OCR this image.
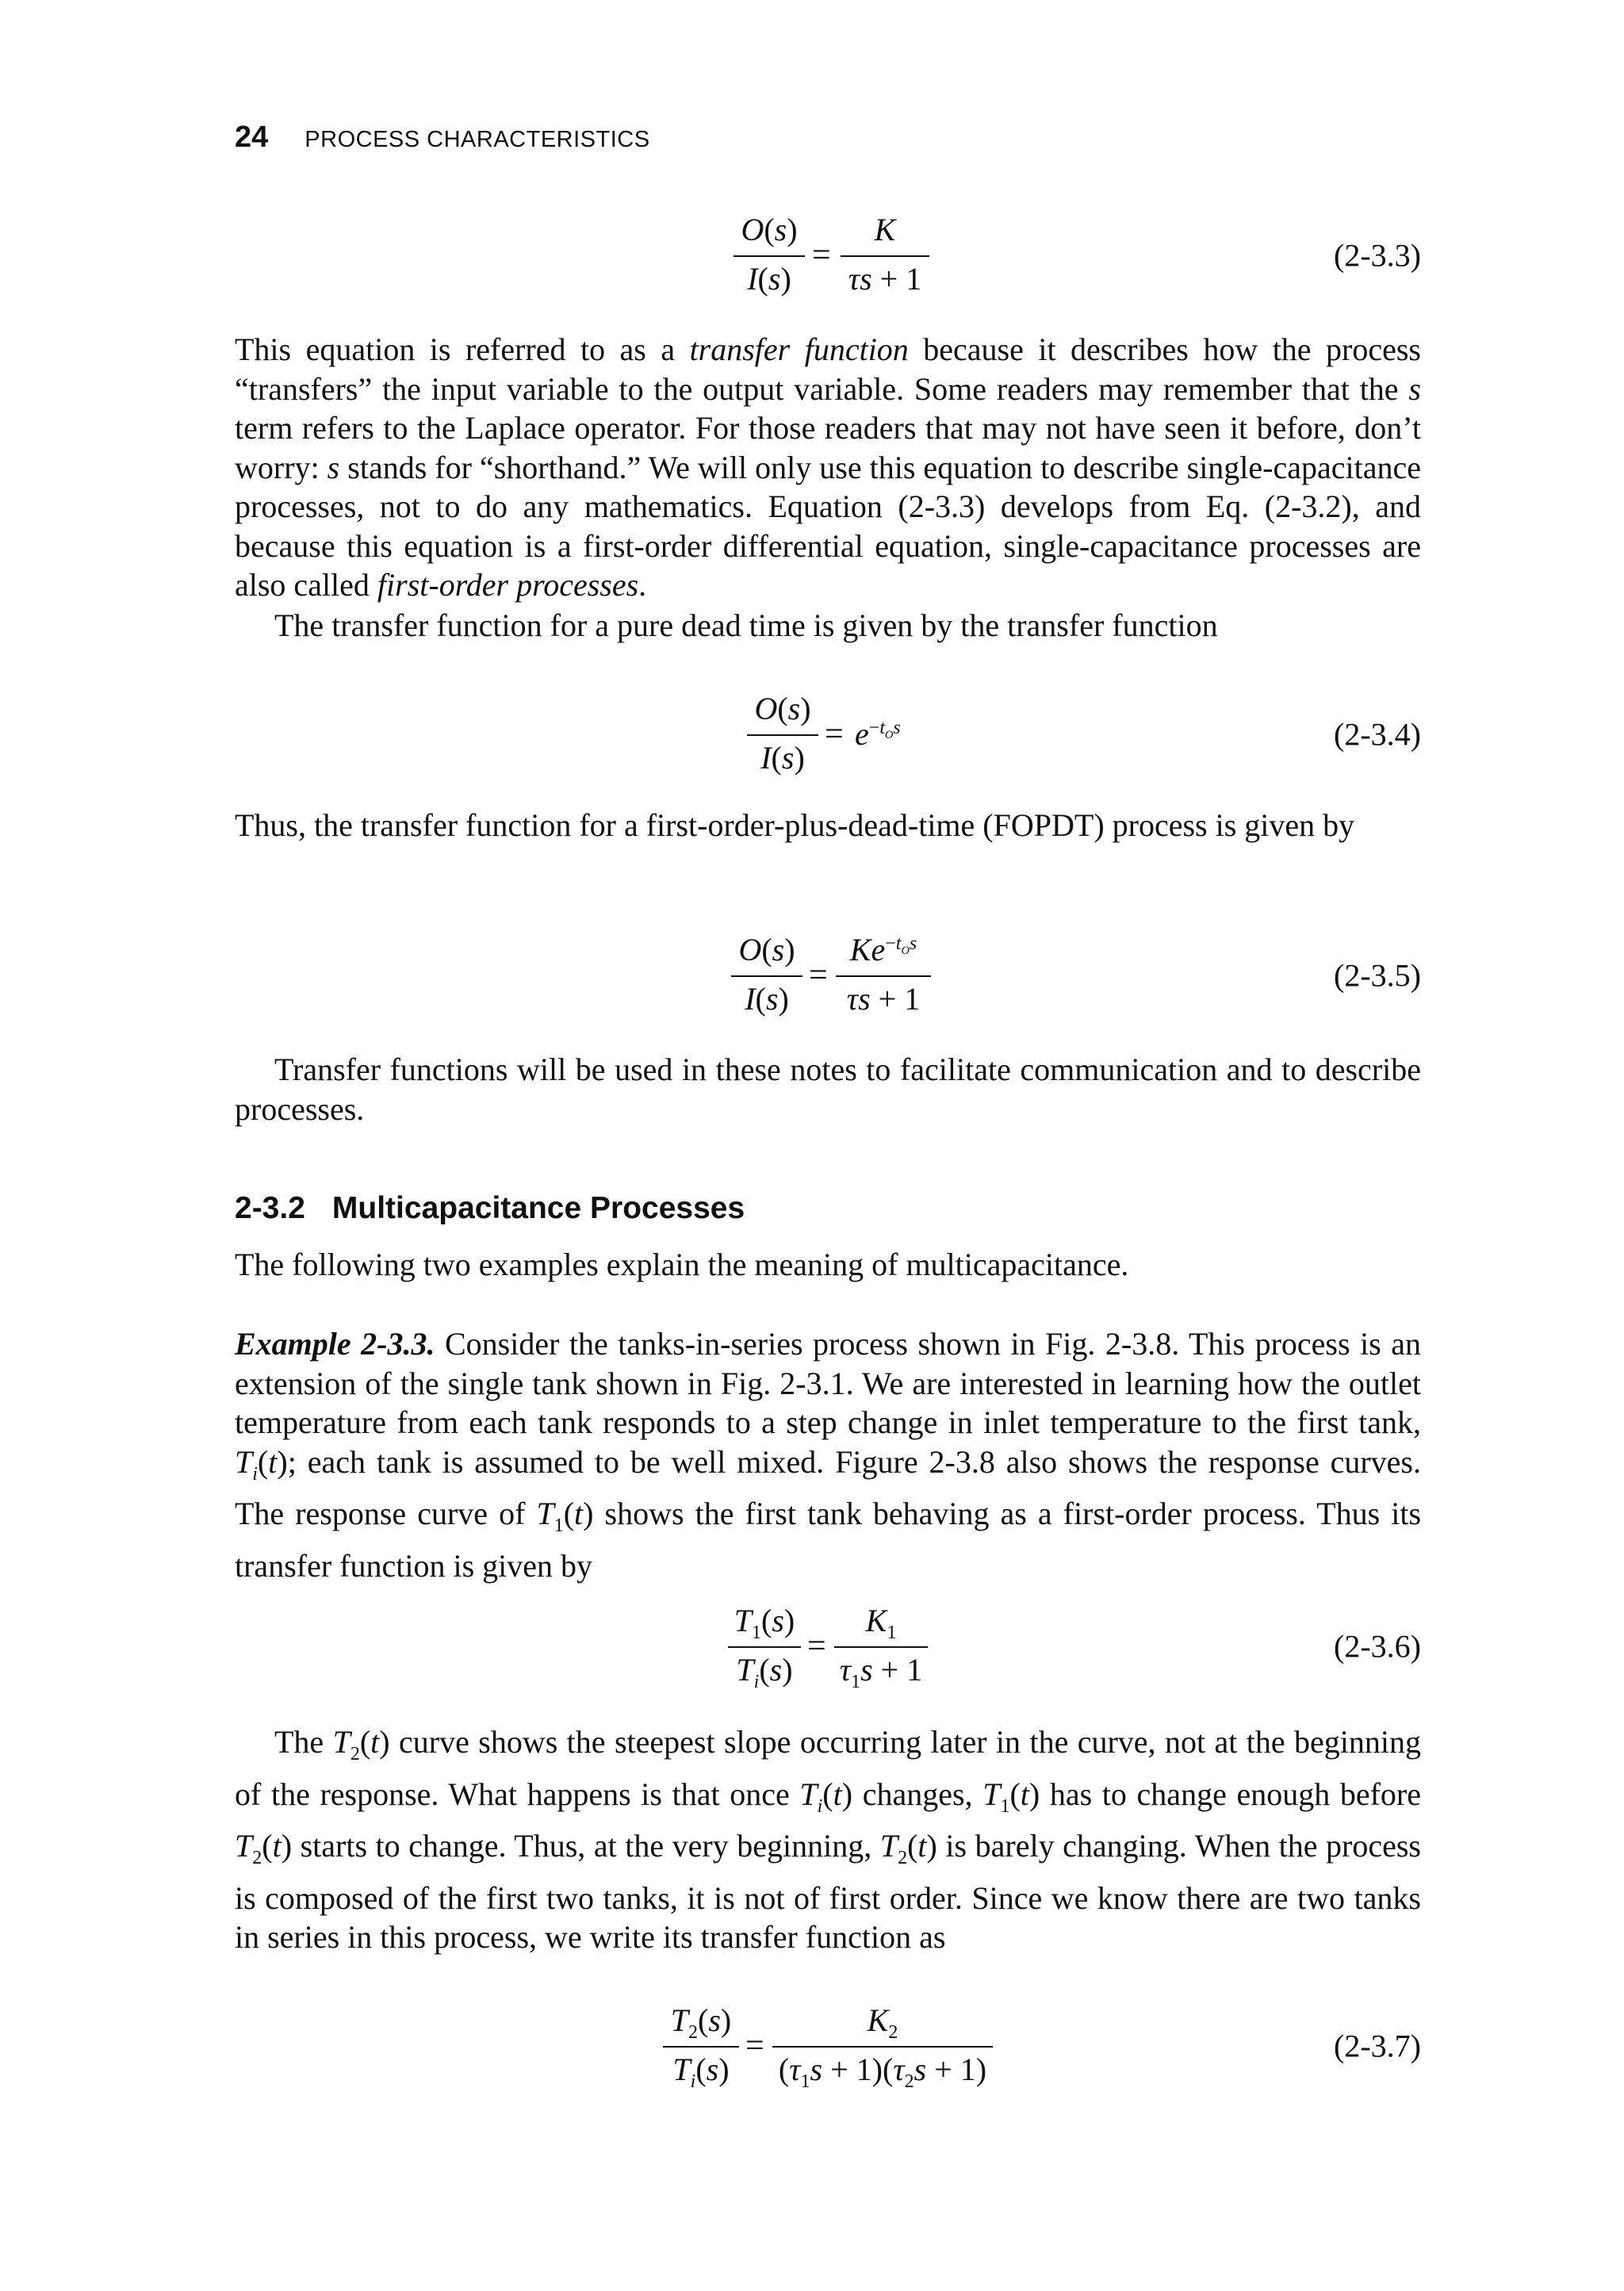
24 PROCESS CHARACTERISTICS
O(s)
I(s)
=
K
τs + 1
(2-3.3)

This equation is referred to as a transfer function because it describes how the process “transfers” the input variable to the output variable. Some readers may remember that the s term refers to the Laplace operator. For those readers that may not have seen it before, don’t worry: s stands for “shorthand.” We will only use this equation to describe single-capacitance processes, not to do any mathematics. Equation (2-3.3) develops from Eq. (2-3.2), and because this equation is a first-order differential equation, single-capacitance processes are also called first-order processes.

The transfer function for a pure dead time is given by the transfer function

O(s)
I(s)
= $e^{-t_Os}$	(2-3.4)

Thus, the transfer function for a first-order-plus-dead-time (FOPDT) process is given by

O(s)
I(s)
=
$Ke^{-t_Os}$
τs + 1
(2-3.5)

Transfer functions will be used in these notes to facilitate communication and to describe processes.

2-3.2 Multicapacitance Processes

The following two examples explain the meaning of multicapacitance.

Example 2-3.3. Consider the tanks-in-series process shown in Fig. 2-3.8. This process is an extension of the single tank shown in Fig. 2-3.1. We are interested in learning how the outlet temperature from each tank responds to a step change in inlet temperature to the first tank, $T_i(t)$; each tank is assumed to be well mixed. Figure 2-3.8 also shows the response curves. The response curve of $T_1(t)$ shows the first tank behaving as a first-order process. Thus its transfer function is given by

$T_1(s)$
$T_i(s)$
=
$K_1$
$\tau_1s + 1$
(2-3.6)

The $T_2(t)$ curve shows the steepest slope occurring later in the curve, not at the beginning of the response. What happens is that once $T_i(t)$ changes, $T_1(t)$ has to change enough before $T_2(t)$ starts to change. Thus, at the very beginning, $T_2(t)$ is barely changing. When the process is composed of the first two tanks, it is not of first order. Since we know there are two tanks in series in this process, we write its transfer function as

$T_2(s)$
$T_i(s)$
=
$K_2$
$(\tau_1s + 1)(\tau_2s + 1)$
(2-3.7)
